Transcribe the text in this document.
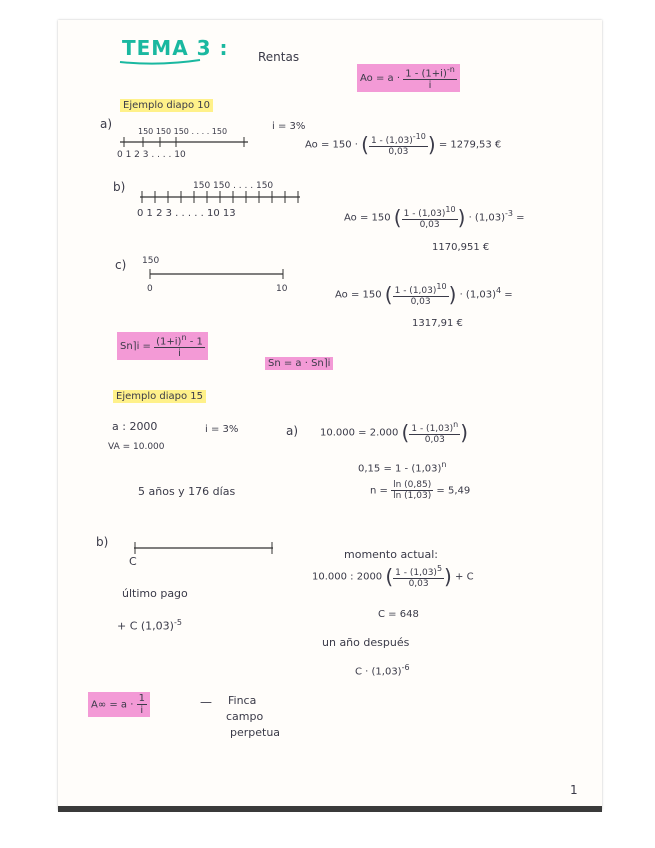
TEMA 3 : Rentas
$Ao = a \cdot \frac{1 - (1+i)^{-n}}{i}$
Ejemplo diapo 10
a)
150 150 150 . . . . 150
0 1 2 3 . . . . 10
i = 3%
Ao = 150 · ( $\frac{1 - (1,03)-10}{0,03}$ ) = 1279,53 €
b)	150 150 . . . . 150
0 1 2 3 . . . . . 10 13	Ao = 150 ( $\frac{1 - (1,03)10}{0,03}$ ) · $(1,03)^{-3}$ =
1170,951 €
c) 150
0	10
Ao = 150 ( $\frac{1 - (1,03)10}{0,03}$ ) · $(1,03)^4$ =
1317,91 €
Sn⌉i = $\frac{(1+i)^n - 1}{i}$
Sn = a · Sn⌉i
Ejemplo diapo 15
a : 2000	i = 3%
VA = 10.000
a) 10.000 = 2.000 ( $\frac{1 - (1,03)n}{0,03}$ )
$0,15 = 1 - (1,03)^n$
$n = \frac{\ln (0,85)}{\ln (1,03)} = 5,49$
5 años y 176 días
b)
C
último pago
+ C $(1,03)^{-5}$
momento actual:
10.000 : 2000 ( $\frac{1 - (1,03)5}{0,03}$ ) + C
C = 648
un año después
$C \cdot (1,03)^{-6}$
$A\infty = a \cdot \frac{1}{i}$	— Finca
campo
perpetua
1
